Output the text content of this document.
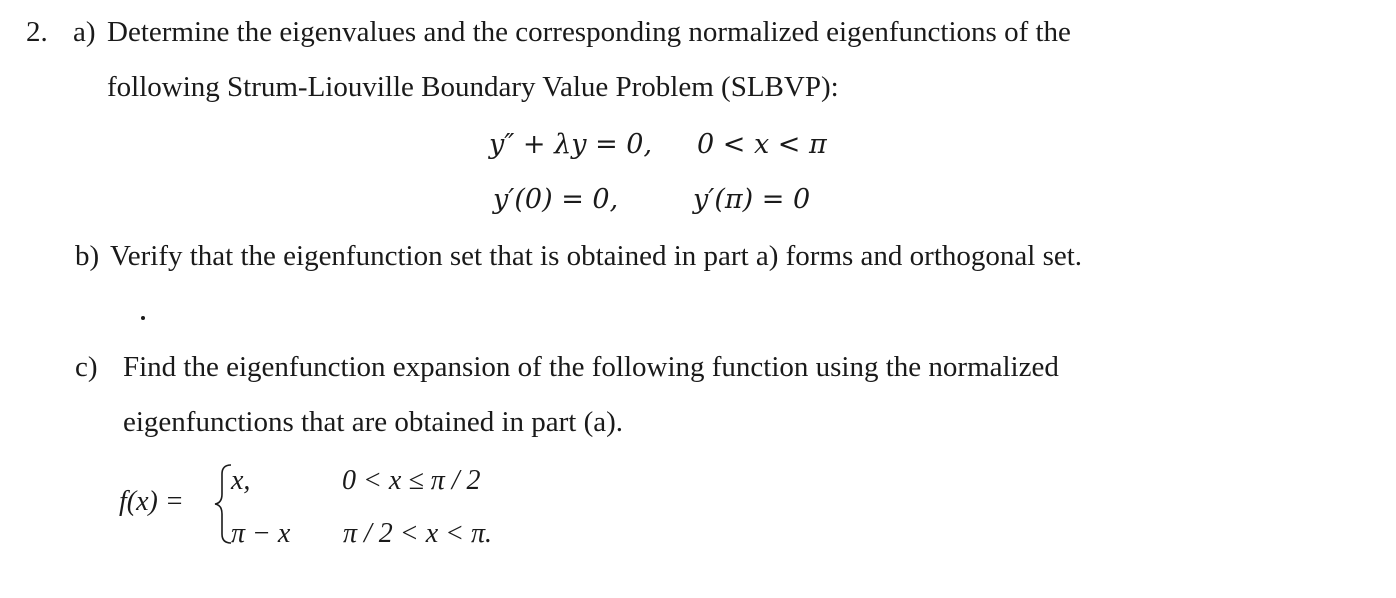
2. a) Determine the eigenvalues and the corresponding normalized eigenfunctions of the
following Strum-Liouville Boundary Value Problem (SLBVP):
y″ + λy = 0, 0 < x < π
y′(0) = 0,	y′(π) = 0
b) Verify that the eigenfunction set that is obtained in part a) forms and orthogonal set.
c) Find the eigenfunction expansion of the following function using the normalized
eigenfunctions that are obtained in part (a).
f(x) =
x,	0 < x ≤ π / 2
π − x π / 2 < x < π.
